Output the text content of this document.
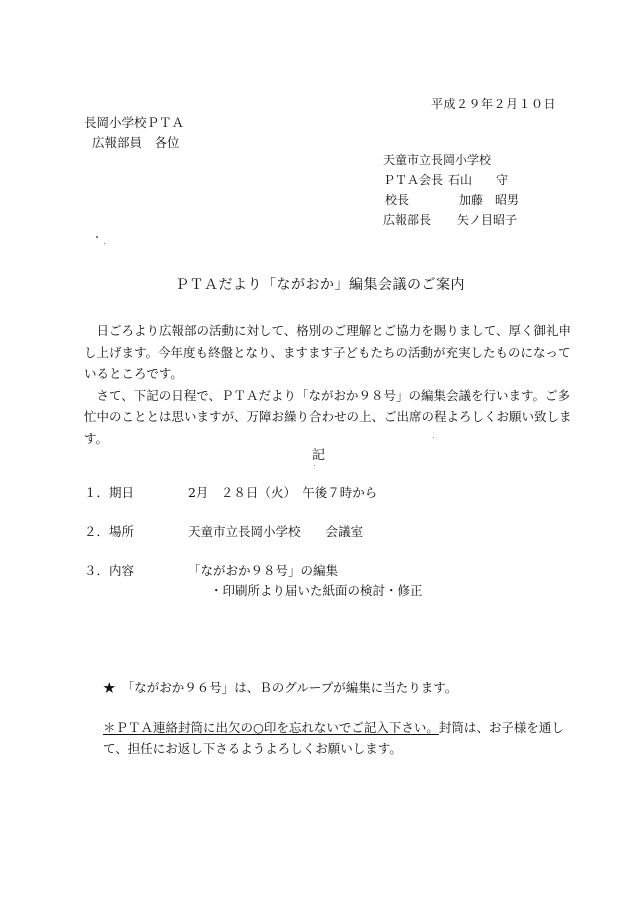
平成２９年２月１０日
長岡小学校ＰＴＡ
広報部員　各位
天童市立長岡小学校
ＰＴＡ会長 石山　　守
校長	加藤　昭男
広報部長	矢ノ目昭子
ＰＴＡだより「ながおか」編集会議のご案内

日ごろより広報部の活動に対して、格別のご理解とご協力を賜りまして、厚く御礼申し上げます。今年度も終盤となり、ますます子どもたちの活動が充実したものになっているところです。

さて、下記の日程で、ＰＴＡだより「ながおか９８号」の編集会議を行います。ご多忙中のこととは思いますが、万障お繰り合わせの上、ご出席の程よろしくお願い致します。

記
１．期日	2月　２８日（火）　午後７時から
２．場所	天童市立長岡小学校　　会議室
３．内容	「ながおか９８号」の編集
・印刷所より届いた紙面の検討・修正
★　「ながおか９６号」は、Ｂのグループが編集に当たります。
＊ＰＴＡ連絡封筒に出欠の○印を忘れないでご記入下さい。封筒は、お子様を通して、担任にお返し下さるようよろしくお願いします。
